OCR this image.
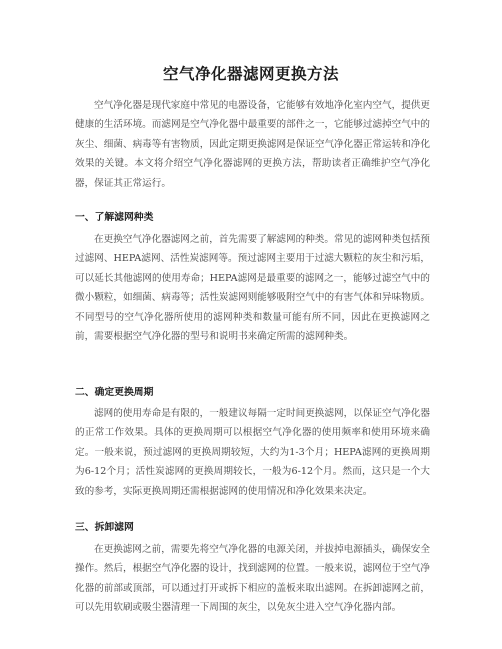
空气净化器滤网更换方法

空气净化器是现代家庭中常见的电器设备，它能够有效地净化室内空气，提供更健康的生活环境。而滤网是空气净化器中最重要的部件之一，它能够过滤掉空气中的灰尘、细菌、病毒等有害物质，因此定期更换滤网是保证空气净化器正常运转和净化效果的关键。本文将介绍空气净化器滤网的更换方法，帮助读者正确维护空气净化器，保证其正常运行。

一、了解滤网种类

在更换空气净化器滤网之前，首先需要了解滤网的种类。常见的滤网种类包括预过滤网、HEPA滤网、活性炭滤网等。预过滤网主要用于过滤大颗粒的灰尘和污垢，可以延长其他滤网的使用寿命；HEPA滤网是最重要的滤网之一，能够过滤空气中的微小颗粒，如细菌、病毒等；活性炭滤网则能够吸附空气中的有害气体和异味物质。不同型号的空气净化器所使用的滤网种类和数量可能有所不同，因此在更换滤网之前，需要根据空气净化器的型号和说明书来确定所需的滤网种类。

二、确定更换周期

滤网的使用寿命是有限的，一般建议每隔一定时间更换滤网，以保证空气净化器的正常工作效果。具体的更换周期可以根据空气净化器的使用频率和使用环境来确定。一般来说，预过滤网的更换周期较短，大约为1-3个月；HEPA滤网的更换周期为6-12个月；活性炭滤网的更换周期较长，一般为6-12个月。然而，这只是一个大致的参考，实际更换周期还需根据滤网的使用情况和净化效果来决定。

三、拆卸滤网

在更换滤网之前，需要先将空气净化器的电源关闭，并拔掉电源插头，确保安全操作。然后，根据空气净化器的设计，找到滤网的位置。一般来说，滤网位于空气净化器的前部或顶部，可以通过打开或拆下相应的盖板来取出滤网。在拆卸滤网之前，可以先用软刷或吸尘器清理一下周围的灰尘，以免灰尘进入空气净化器内部。
